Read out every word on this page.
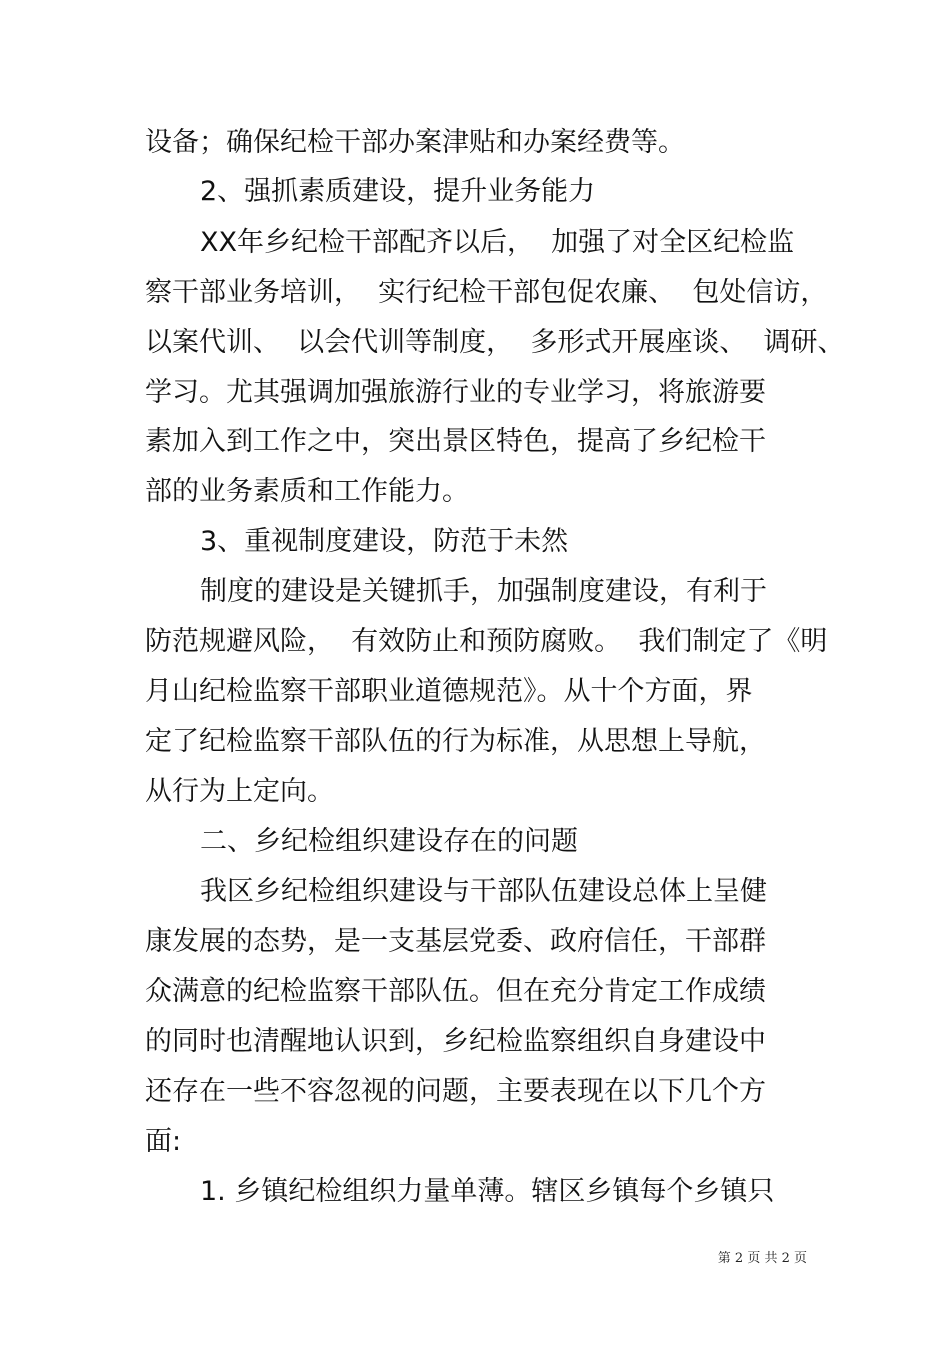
设备；确保纪检干部办案津贴和办案经费等。
2、强抓素质建设，提升业务能力
XX年乡纪检干部配齐以后，  加强了对全区纪检监
察干部业务培训，  实行纪检干部包促农廉、  包处信访，
以案代训、  以会代训等制度，  多形式开展座谈、  调研、
学习。尤其强调加强旅游行业的专业学习，将旅游要
素加入到工作之中，突出景区特色，提高了乡纪检干
部的业务素质和工作能力。
3、重视制度建设，防范于未然
制度的建设是关键抓手，加强制度建设，有利于
防范规避风险，  有效防止和预防腐败。  我们制定了《明
月山纪检监察干部职业道德规范》。从十个方面，界
定了纪检监察干部队伍的行为标准，从思想上导航，
从行为上定向。
二、乡纪检组织建设存在的问题
我区乡纪检组织建设与干部队伍建设总体上呈健
康发展的态势，是一支基层党委、政府信任，干部群
众满意的纪检监察干部队伍。但在充分肯定工作成绩
的同时也清醒地认识到，乡纪检监察组织自身建设中
还存在一些不容忽视的问题，主要表现在以下几个方
面:
1. 乡镇纪检组织力量单薄。辖区乡镇每个乡镇只
第 2 页 共 2 页
